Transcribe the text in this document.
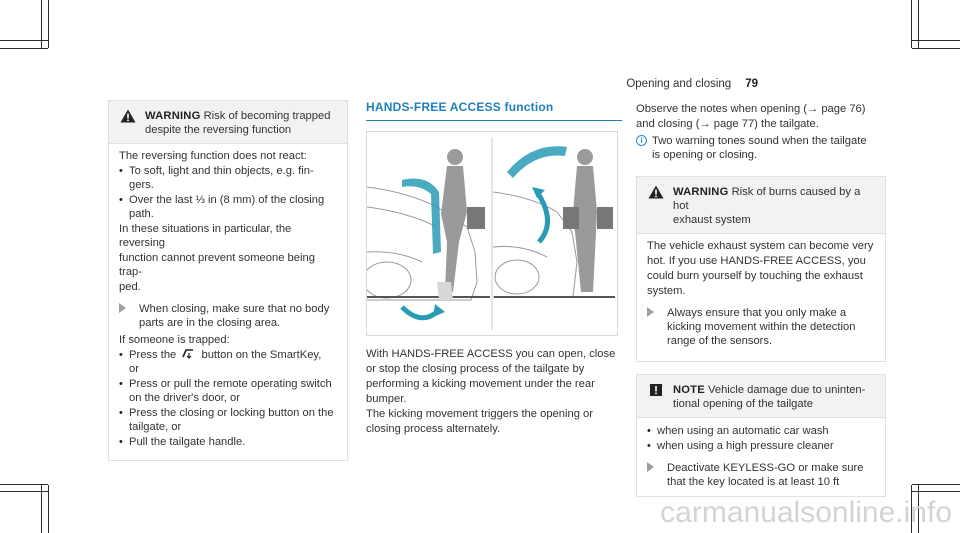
Opening and closing 79
WARNING Risk of becoming trapped
despite the reversing function

The reversing function does not react:

• To soft, light and thin objects, e.g. fin-
gers.
• Over the last ⅓ in (8 mm) of the closing
path.

In these situations in particular, the reversing

function cannot prevent someone being trap-

ped.

When closing, make sure that no body
parts are in the closing area.

If someone is trapped:

• Press the button on the SmartKey,
or
• Press or pull the remote operating switch
on the driver's door, or
• Press the closing or locking button on the
tailgate, or
• Pull the tailgate handle.
HANDS-FREE ACCESS function

With HANDS-FREE ACCESS you can open, close

or stop the closing process of the tailgate by

performing a kicking movement under the rear

bumper.

The kicking movement triggers the opening or

closing process alternately.

Observe the notes when opening (→ page 76)

and closing (→ page 77) the tailgate.

i Two warning tones sound when the tailgate
is opening or closing.
WARNING Risk of burns caused by a hot
exhaust system

The vehicle exhaust system can become very

hot. If you use HANDS-FREE ACCESS, you

could burn yourself by touching the exhaust

system.

Always ensure that you only make a
kicking movement within the detection
range of the sensors.
NOTE Vehicle damage due to uninten-
tional opening of the tailgate
• when using an automatic car wash
• when using a high pressure cleaner
Deactivate KEYLESS-GO or make sure
that the key located is at least 10 ft
carmanualsonline.info
